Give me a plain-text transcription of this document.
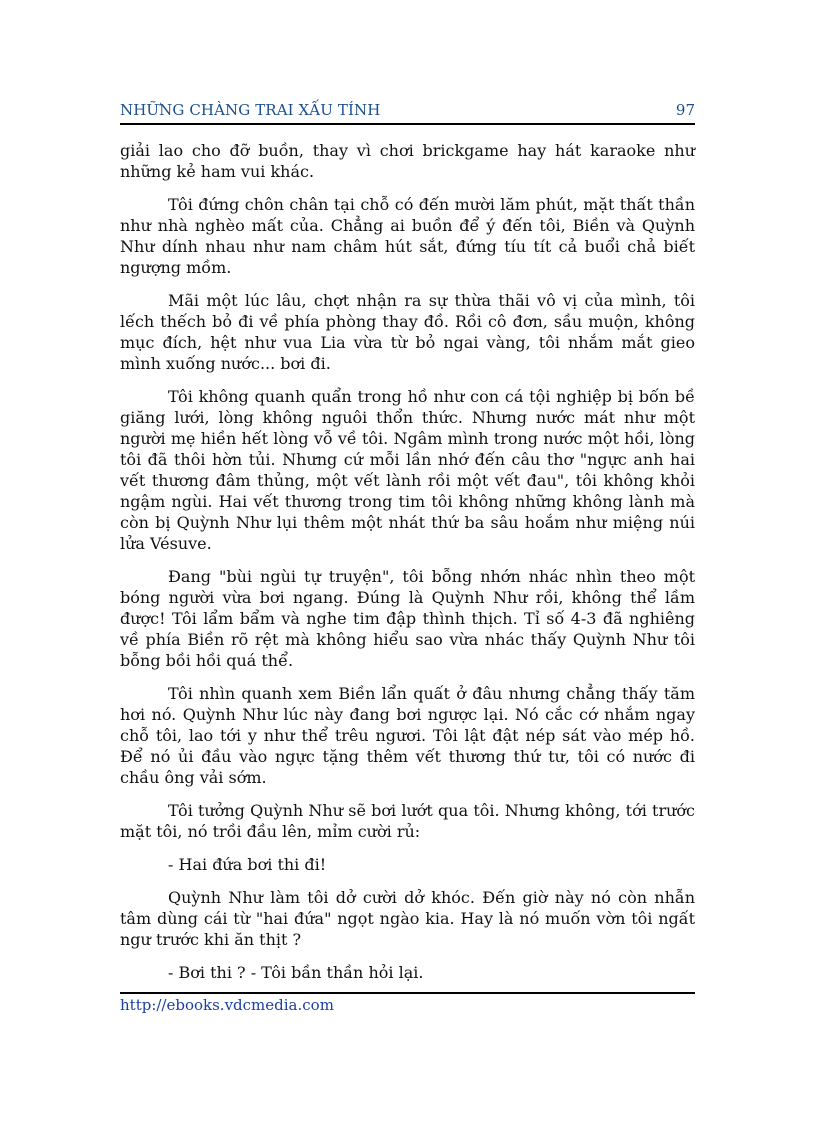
NHỮNG CHÀNG TRAI XẤU TÍNH	97

giải lao cho đỡ buồn, thay vì chơi brickgame hay hát karaoke như những kẻ ham vui khác.

Tôi đứng chôn chân tại chỗ có đến mười lăm phút, mặt thất thần như nhà nghèo mất của. Chẳng ai buồn để ý đến tôi, Biền và Quỳnh Như dính nhau như nam châm hút sắt, đứng tíu tít cả buổi chả biết ngượng mồm.

Mãi một lúc lâu, chợt nhận ra sự thừa thãi vô vị của mình, tôi lếch thếch bỏ đi về phía phòng thay đồ. Rồi cô đơn, sầu muộn, không mục đích, hệt như vua Lia vừa từ bỏ ngai vàng, tôi nhắm mắt gieo mình xuống nước... bơi đi.

Tôi không quanh quẩn trong hồ như con cá tội nghiệp bị bốn bề giăng lưới, lòng không nguôi thổn thức. Nhưng nước mát như một người mẹ hiền hết lòng vỗ về tôi. Ngâm mình trong nước một hồi, lòng tôi đã thôi hờn tủi. Nhưng cứ mỗi lần nhớ đến câu thơ "ngực anh hai vết thương đâm thủng, một vết lành rồi một vết đau", tôi không khỏi ngậm ngùi. Hai vết thương trong tim tôi không những không lành mà còn bị Quỳnh Như lụi thêm một nhát thứ ba sâu hoắm như miệng núi lửa Vésuve.

Đang "bùi ngùi tự truyện", tôi bỗng nhớn nhác nhìn theo một bóng người vừa bơi ngang. Đúng là Quỳnh Như rồi, không thể lầm được! Tôi lẩm bẩm và nghe tim đập thình thịch. Tỉ số 4-3 đã nghiêng về phía Biền rõ rệt mà không hiểu sao vừa nhác thấy Quỳnh Như tôi bỗng bồi hồi quá thể.

Tôi nhìn quanh xem Biền lẩn quất ở đâu nhưng chẳng thấy tăm hơi nó. Quỳnh Như lúc này đang bơi ngược lại. Nó cắc cớ nhắm ngay chỗ tôi, lao tới y như thể trêu ngươi. Tôi lật đật nép sát vào mép hồ. Để nó ủi đầu vào ngực tặng thêm vết thương thứ tư, tôi có nước đi chầu ông vải sớm.

Tôi tưởng Quỳnh Như sẽ bơi lướt qua tôi. Nhưng không, tới trước mặt tôi, nó trồi đầu lên, mỉm cười rủ:

- Hai đứa bơi thi đi!

Quỳnh Như làm tôi dở cười dở khóc. Đến giờ này nó còn nhẫn tâm dùng cái từ "hai đứa" ngọt ngào kia. Hay là nó muốn vờn tôi ngất ngư trước khi ăn thịt ?

- Bơi thi ? - Tôi bần thần hỏi lại.

http://ebooks.vdcmedia.com
